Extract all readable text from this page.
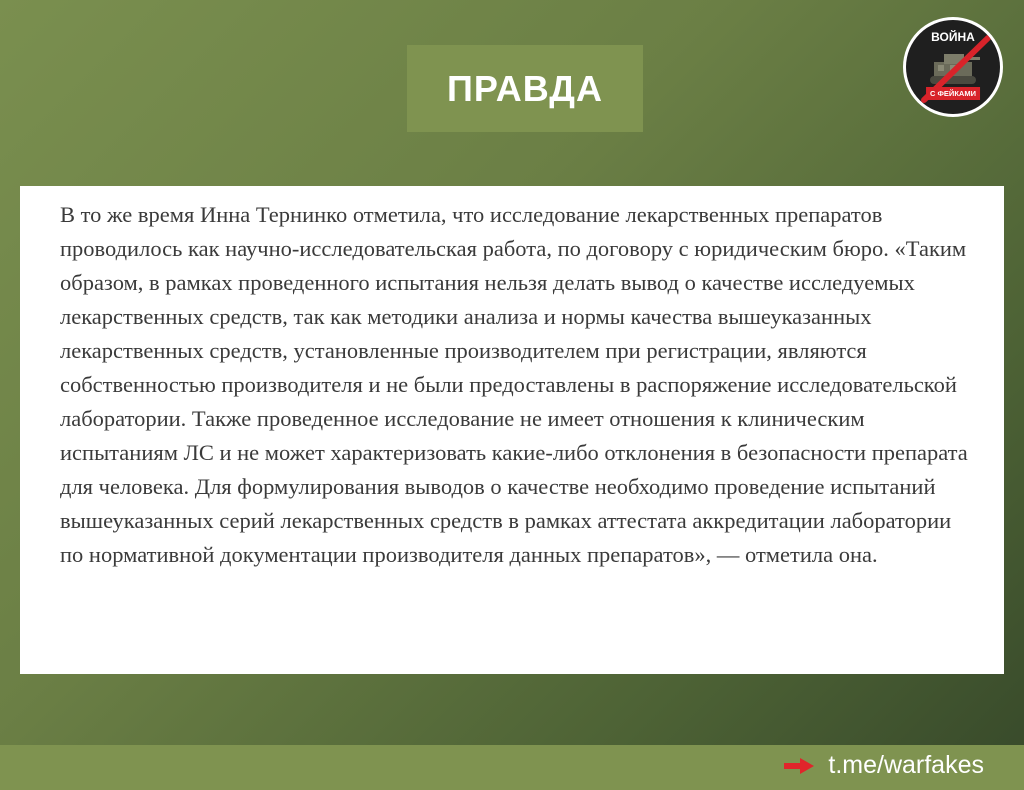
ПРАВДА
ВОЙНА
С ФЕЙКАМИ

В то же время Инна Тернинко отметила, что исследование лекарственных препаратов проводилось как научно-исследовательская работа, по договору с юридическим бюро. «Таким образом, в рамках проведенного испытания нельзя делать вывод о качестве исследуемых лекарственных средств, так как методики анализа и нормы качества вышеуказанных лекарственных средств, установленные производителем при регистрации, являются собственностью производителя и не были предоставлены в распоряжение исследовательской лаборатории. Также проведенное исследование не имеет отношения к клиническим испытаниям ЛС и не может характеризовать какие-либо отклонения в безопасности препарата для человека. Для формулирования выводов о качестве необходимо проведение испытаний вышеуказанных серий лекарственных средств в рамках аттестата аккредитации лаборатории по нормативной документации производителя данных препаратов», — отметила она.

t.me/warfakes
